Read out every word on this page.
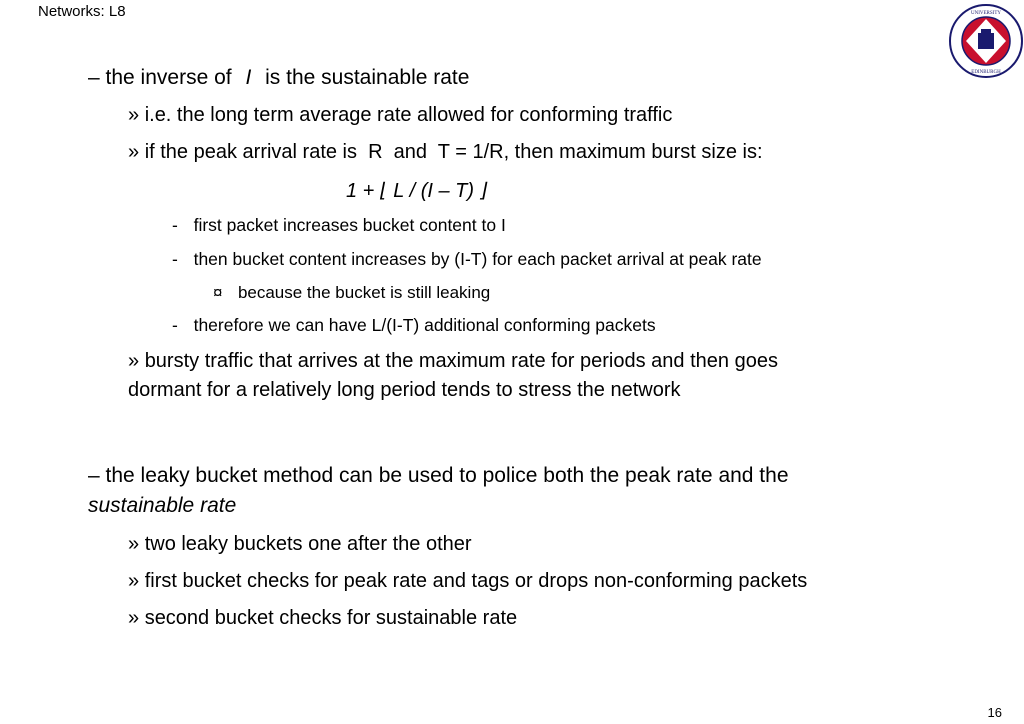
Networks: L8	UNIVERSITY
EDINBURGH
– the inverse of I is the sustainable rate
» i.e. the long term average rate allowed for conforming traffic
» if the peak arrival rate is  R  and  T = 1/R, then maximum burst size is:
1 + ⌊ L / (I – T) ⌋
- first packet increases bucket content to I
- then bucket content increases by (I-T) for each packet arrival at peak rate
¤ because the bucket is still leaking
- therefore we can have L/(I-T) additional conforming packets
» bursty traffic that arrives at the maximum rate for periods and then goes
dormant for a relatively long period tends to stress the network
– the leaky bucket method can be used to police both the peak rate and the
sustainable rate
» two leaky buckets one after the other
» first bucket checks for peak rate and tags or drops non-conforming packets
» second bucket checks for sustainable rate
16
